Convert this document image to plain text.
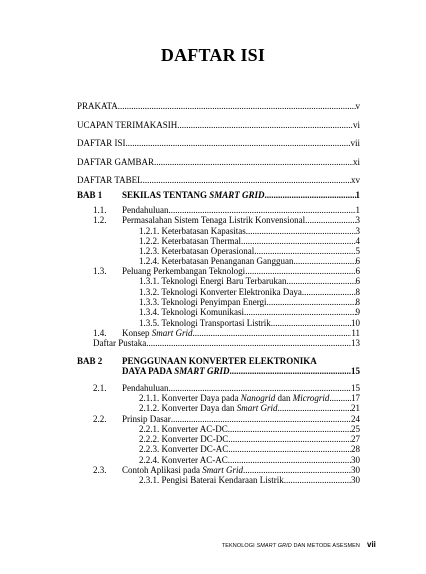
DAFTAR ISI
PRAKATA .....	v
UCAPAN TERIMAKASIH .....	vi
DAFTAR ISI .....	vii
DAFTAR GAMBAR .....	xi
DAFTAR TABEL .....	xv
BAB 1 SEKILAS TENTANG SMART GRID .....	1
1.1. Pendahuluan .....	1
1.2. Permasalahan Sistem Tenaga Listrik Konvensional .....	3
1.2.1. Keterbatasan Kapasitas .....	3
1.2.2. Keterbatasan Thermal .....	4
1.2.3. Keterbatasan Operasional .....	5
1.2.4. Keterbatasan Penanganan Gangguan .....	6
1.3. Peluang Perkembangan Teknologi .....	6
1.3.1. Teknologi Energi Baru Terbarukan .....	6
1.3.2. Teknologi Konverter Elektronika Daya .....	8
1.3.3. Teknologi Penyimpan Energi .....	8
1.3.4. Teknologi Komunikasi .....	9
1.3.5. Teknologi Transportasi Listrik .....	10
1.4. Konsep Smart Grid .....	11
Daftar Pustaka .....	13
BAB 2 PENGGUNAAN KONVERTER ELEKTRONIKA
DAYA PADA SMART GRID .....	15
2.1. Pendahuluan .....	15
2.1.1. Konverter Daya pada Nanogrid dan Microgrid ..... 17
2.1.2. Konverter Daya dan Smart Grid .....	21
2.2. Prinsip Dasar .....	24
2.2.1. Konverter AC-DC .....	25
2.2.2. Konverter DC-DC .....	27
2.2.3. Konverter DC-AC .....	28
2.2.4. Konverter AC-AC .....	30
2.3. Contoh Aplikasi pada Smart Grid .....	30
2.3.1. Pengisi Baterai Kendaraan Listrik .....	30
TEKNOLOGI SMART GRID DAN METODE ASESMEN vii
